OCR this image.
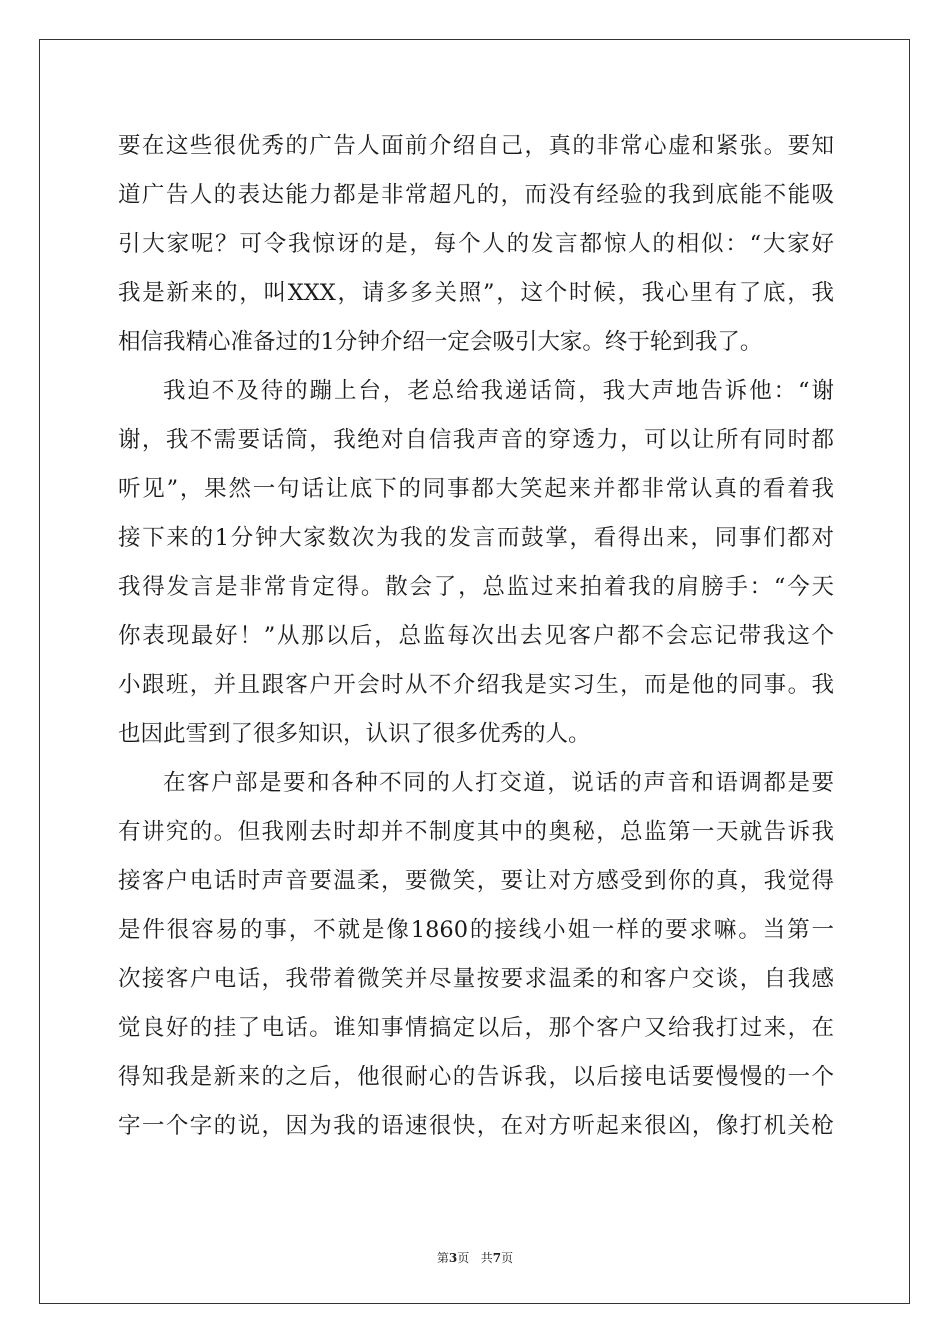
要在这些很优秀的广告人面前介绍自己，真的非常心虚和紧张。要知
道广告人的表达能力都是非常超凡的，而没有经验的我到底能不能吸
引大家呢？可令我惊讶的是，每个人的发言都惊人的相似：“大家好
我是新来的，叫XXX，请多多关照”，这个时候，我心里有了底，我
相信我精心准备过的1分钟介绍一定会吸引大家。终于轮到我了。
我迫不及待的蹦上台，老总给我递话筒，我大声地告诉他：“谢
谢，我不需要话筒，我绝对自信我声音的穿透力，可以让所有同时都
听见”，果然一句话让底下的同事都大笑起来并都非常认真的看着我
接下来的1分钟大家数次为我的发言而鼓掌，看得出来，同事们都对
我得发言是非常肯定得。散会了，总监过来拍着我的肩膀手：“今天
你表现最好！”从那以后，总监每次出去见客户都不会忘记带我这个
小跟班，并且跟客户开会时从不介绍我是实习生，而是他的同事。我
也因此雪到了很多知识，认识了很多优秀的人。
在客户部是要和各种不同的人打交道，说话的声音和语调都是要
有讲究的。但我刚去时却并不制度其中的奥秘，总监第一天就告诉我
接客户电话时声音要温柔，要微笑，要让对方感受到你的真，我觉得
是件很容易的事，不就是像1860的接线小姐一样的要求嘛。当第一
次接客户电话，我带着微笑并尽量按要求温柔的和客户交谈，自我感
觉良好的挂了电话。谁知事情搞定以后，那个客户又给我打过来，在
得知我是新来的之后，他很耐心的告诉我，以后接电话要慢慢的一个
字一个字的说，因为我的语速很快，在对方听起来很凶，像打机关枪
第3页 共7页
